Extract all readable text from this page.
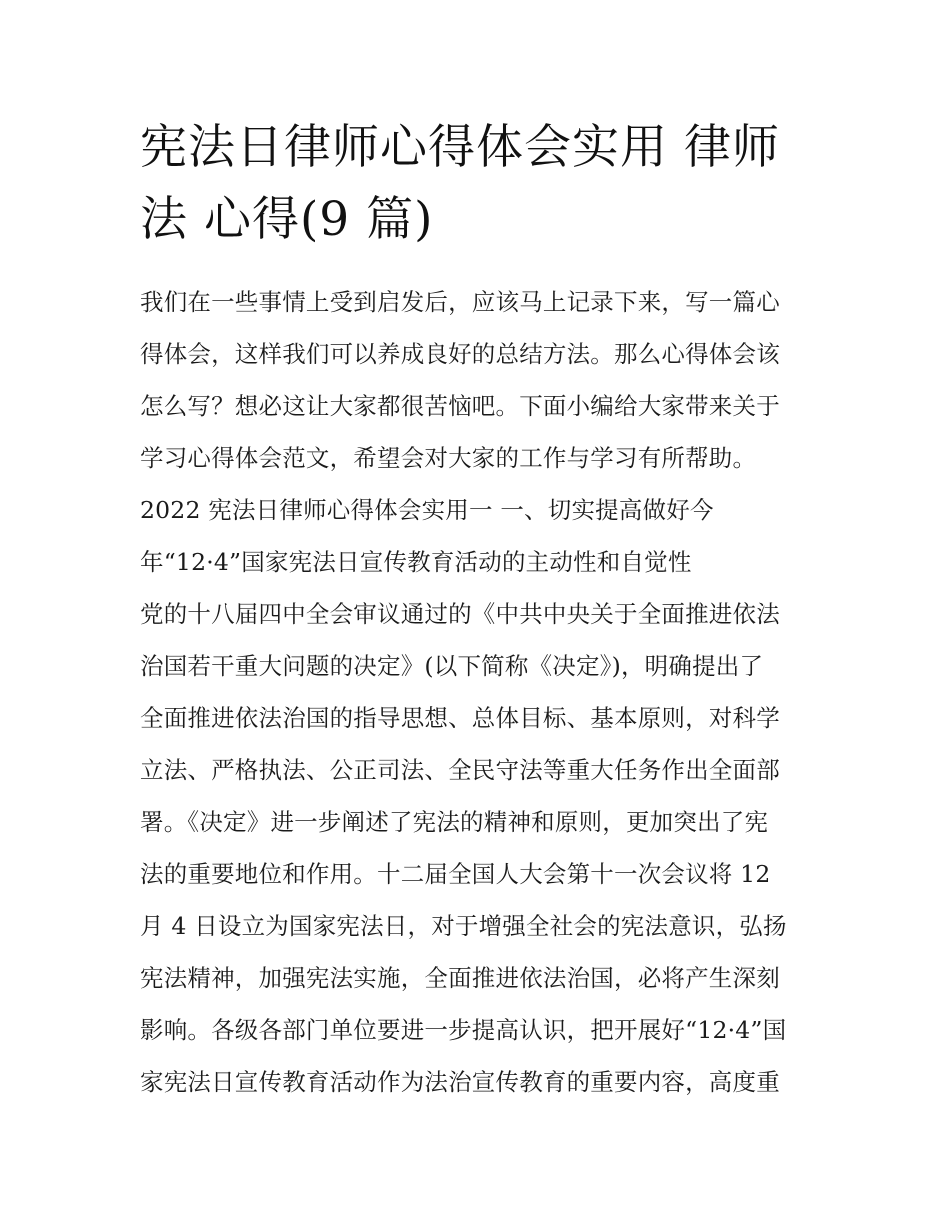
宪法日律师心得体会实用 律师
法 心得(9 篇)
我们在一些事情上受到启发后，应该马上记录下来，写一篇心
得体会，这样我们可以养成良好的总结方法。那么心得体会该
怎么写？想必这让大家都很苦恼吧。下面小编给大家带来关于
学习心得体会范文，希望会对大家的工作与学习有所帮助。
2022 宪法日律师心得体会实用一 一、切实提高做好今
年“12·4”国家宪法日宣传教育活动的主动性和自觉性
党的十八届四中全会审议通过的《中共中央关于全面推进依法
治国若干重大问题的决定》(以下简称《决定》)，明确提出了
全面推进依法治国的指导思想、总体目标、基本原则，对科学
立法、严格执法、公正司法、全民守法等重大任务作出全面部
署。《决定》进一步阐述了宪法的精神和原则，更加突出了宪
法的重要地位和作用。十二届全国人大会第十一次会议将 12
月 4 日设立为国家宪法日，对于增强全社会的宪法意识，弘扬
宪法精神，加强宪法实施，全面推进依法治国，必将产生深刻
影响。各级各部门单位要进一步提高认识，把开展好“12·4”国
家宪法日宣传教育活动作为法治宣传教育的重要内容，高度重
